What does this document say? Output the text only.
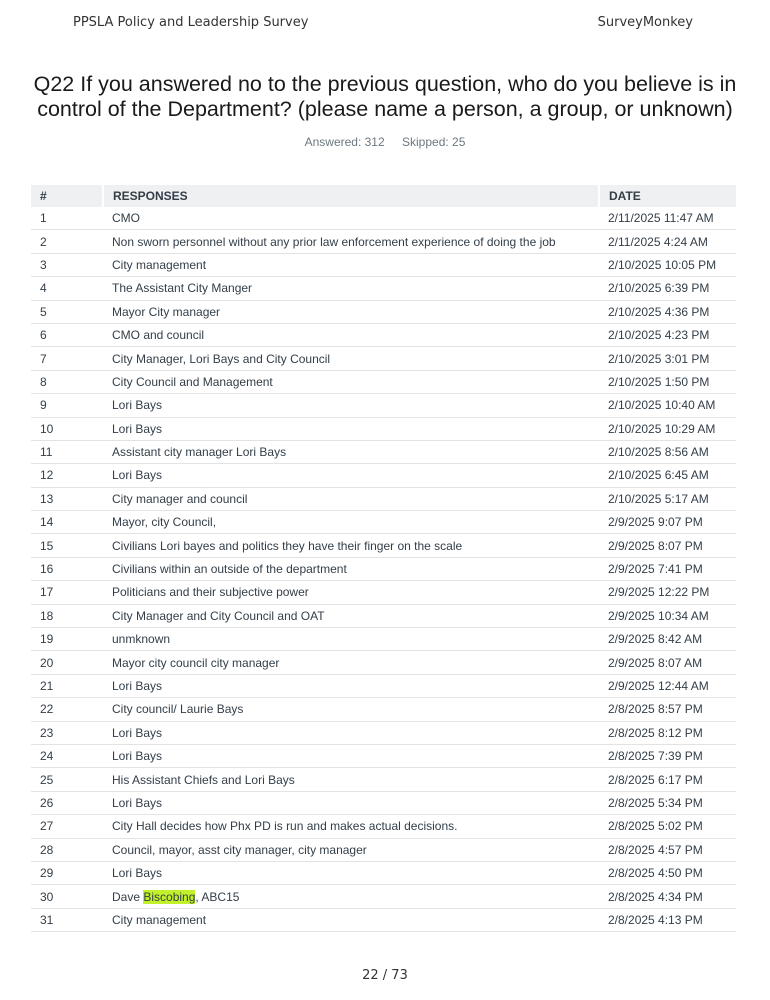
PPSLA Policy and Leadership Survey	SurveyMonkey
Q22 If you answered no to the previous question, who do you believe is in control of the Department? (please name a person, a group, or unknown)
Answered: 312 Skipped: 25
#	RESPONSES	DATE
1	CMO	2/11/2025 11:47 AM
2	Non sworn personnel without any prior law enforcement experience of doing the job	2/11/2025 4:24 AM
3	City management	2/10/2025 10:05 PM
4	The Assistant City Manger	2/10/2025 6:39 PM
5	Mayor City manager	2/10/2025 4:36 PM
6	CMO and council	2/10/2025 4:23 PM
7	City Manager, Lori Bays and City Council	2/10/2025 3:01 PM
8	City Council and Management	2/10/2025 1:50 PM
9	Lori Bays	2/10/2025 10:40 AM
10	Lori Bays	2/10/2025 10:29 AM
11	Assistant city manager Lori Bays	2/10/2025 8:56 AM
12	Lori Bays	2/10/2025 6:45 AM
13	City manager and council	2/10/2025 5:17 AM
14	Mayor, city Council,	2/9/2025 9:07 PM
15	Civilians Lori bayes and politics they have their finger on the scale	2/9/2025 8:07 PM
16	Civilians within an outside of the department	2/9/2025 7:41 PM
17	Politicians and their subjective power	2/9/2025 12:22 PM
18	City Manager and City Council and OAT	2/9/2025 10:34 AM
19	unmknown	2/9/2025 8:42 AM
20	Mayor city council city manager	2/9/2025 8:07 AM
21	Lori Bays	2/9/2025 12:44 AM
22	City council/ Laurie Bays	2/8/2025 8:57 PM
23	Lori Bays	2/8/2025 8:12 PM
24	Lori Bays	2/8/2025 7:39 PM
25	His Assistant Chiefs and Lori Bays	2/8/2025 6:17 PM
26	Lori Bays	2/8/2025 5:34 PM
27	City Hall decides how Phx PD is run and makes actual decisions.	2/8/2025 5:02 PM
28	Council, mayor, asst city manager, city manager	2/8/2025 4:57 PM
29	Lori Bays	2/8/2025 4:50 PM
30	Dave Biscobing, ABC15	2/8/2025 4:34 PM
31	City management	2/8/2025 4:13 PM
22 / 73
